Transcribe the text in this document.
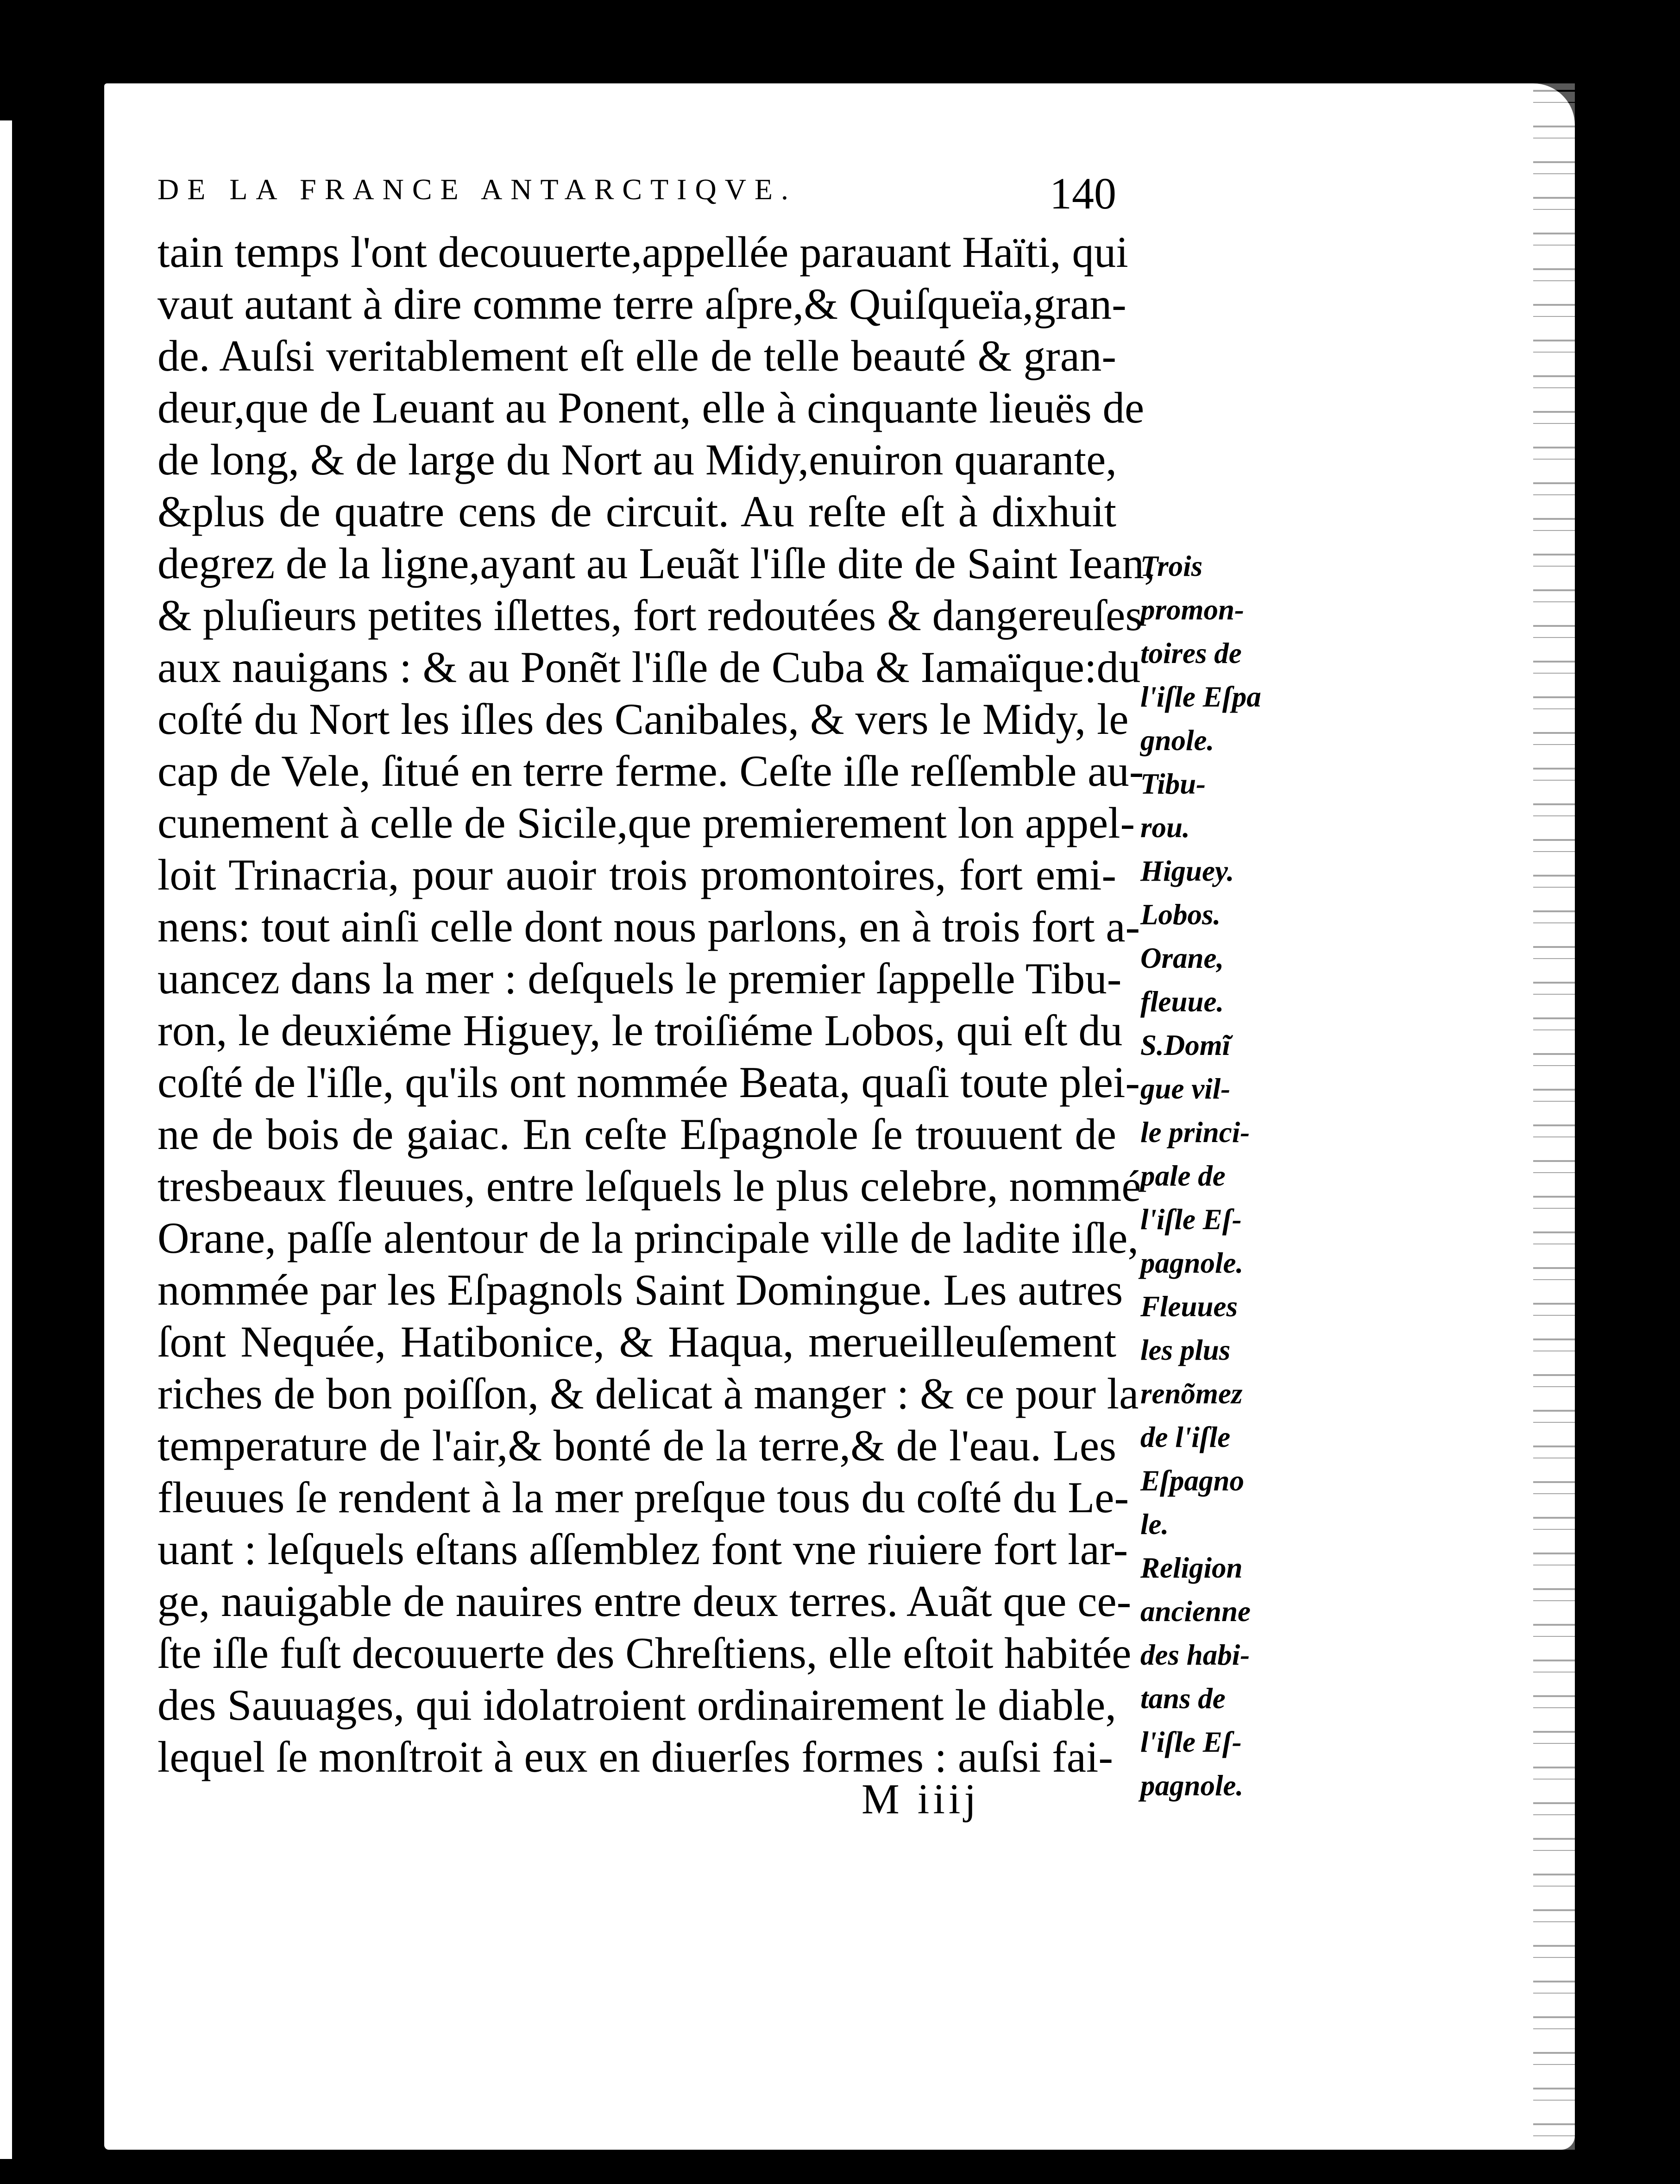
DE LA FRANCE ANTARCTIQVE.	140
tain temps l'ont decouuerte,appellée parauant Haïti, qui
vaut autant à dire comme terre aſpre,& Quiſqueïa,gran-
de. Auſsi veritablement eſt elle de telle beauté & gran-
deur,que de Leuant au Ponent, elle à cinquante lieuës de
de long, & de large du Nort au Midy,enuiron quarante,
&plus de quatre cens de circuit. Au reſte eſt à dixhuit
degrez de la ligne,ayant au Leuãt l'iſle dite de Saint Iean,
& pluſieurs petites iſlettes, fort redoutées & dangereuſes
aux nauigans : & au Ponẽt l'iſle de Cuba & Iamaïque:du
coſté du Nort les iſles des Canibales, & vers le Midy, le
cap de Vele, ſitué en terre ferme. Ceſte iſle reſſemble au-
cunement à celle de Sicile,que premierement lon appel-
loit Trinacria, pour auoir trois promontoires, fort emi-
nens: tout ainſi celle dont nous parlons, en à trois fort a-
uancez dans la mer : deſquels le premier ſappelle Tibu-
ron, le deuxiéme Higuey, le troiſiéme Lobos, qui eſt du
coſté de l'iſle, qu'ils ont nommée Beata, quaſi toute plei-
ne de bois de gaiac. En ceſte Eſpagnole ſe trouuent de
tresbeaux fleuues, entre leſquels le plus celebre, nommé
Orane, paſſe alentour de la principale ville de ladite iſle,
nommée par les Eſpagnols Saint Domingue. Les autres
ſont Nequée, Hatibonice, & Haqua, merueilleuſement
riches de bon poiſſon, & delicat à manger : & ce pour la
temperature de l'air,& bonté de la terre,& de l'eau. Les
fleuues ſe rendent à la mer preſque tous du coſté du Le-
uant : leſquels eſtans aſſemblez font vne riuiere fort lar-
ge, nauigable de nauires entre deux terres. Auãt que ce-
ſte iſle fuſt decouuerte des Chreſtiens, elle eſtoit habitée
des Sauuages, qui idolatroient ordinairement le diable,
lequel ſe monſtroit à eux en diuerſes formes : auſsi fai-
Trois
promon-
toires de
l'iſle Eſpa
gnole.
Tibu-
rou.
Higuey.
Lobos.
Orane,
fleuue.
S.Domĩ
gue vil-
le princi-
pale de
l'iſle Eſ-
pagnole.
Fleuues
les plus
renõmez
de l'iſle
Eſpagno
le.
Religion
ancienne
des habi-
tans de
l'iſle Eſ-
pagnole.
M iiij
